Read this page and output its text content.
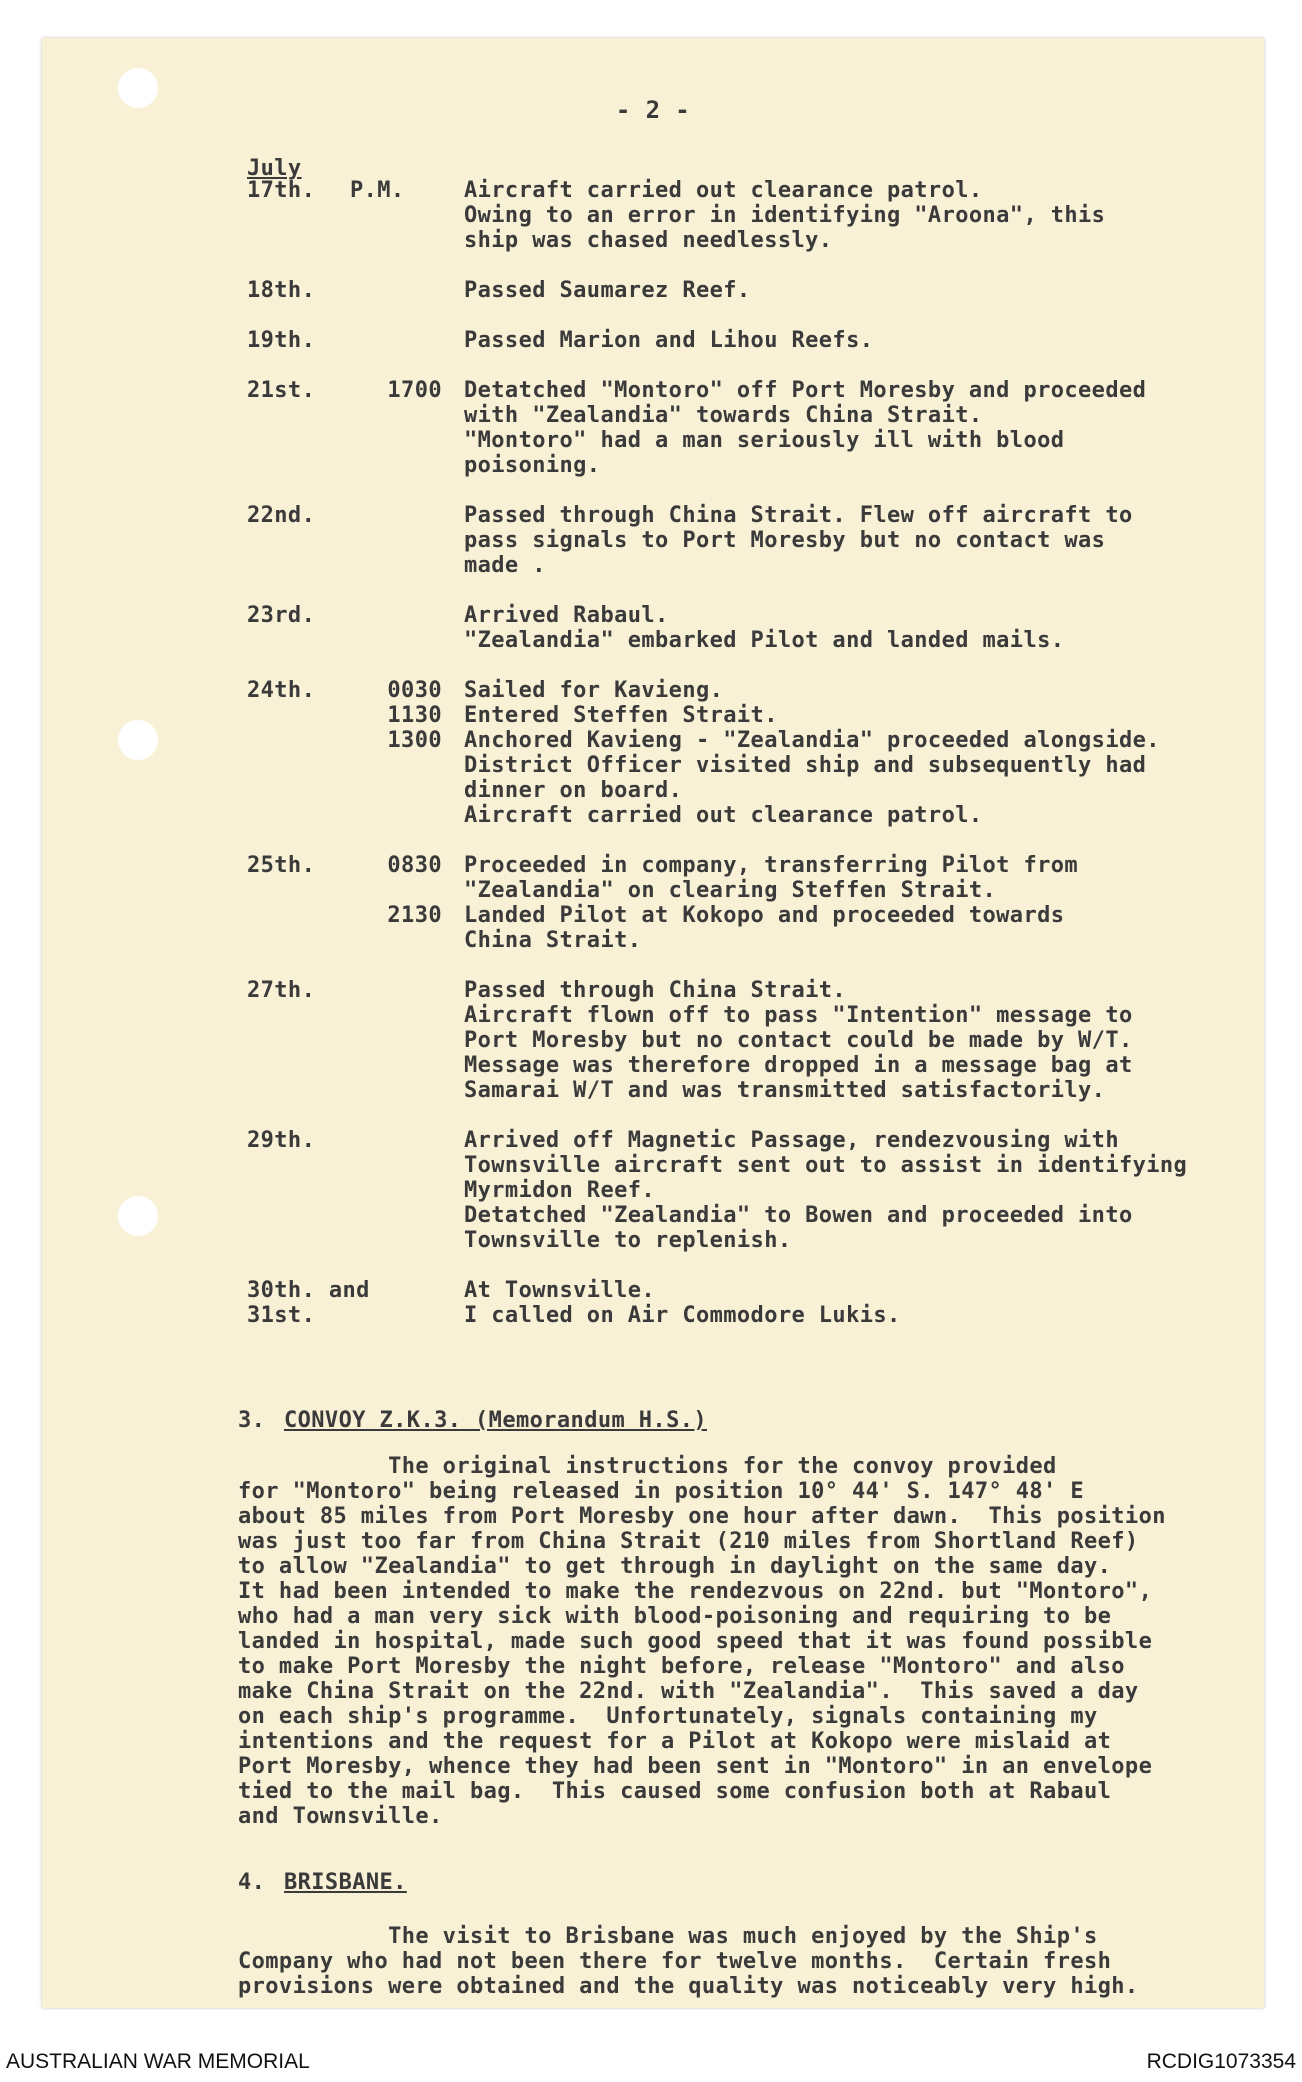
- 2 -
July
17th. P.M.	Aircraft carried out clearance patrol.
Owing to an error in identifying "Aroona", this
ship was chased needlessly.
18th.	Passed Saumarez Reef.
19th.	Passed Marion and Lihou Reefs.
21st.	1700 Detatched "Montoro" off Port Moresby and proceeded
with "Zealandia" towards China Strait.
"Montoro" had a man seriously ill with blood
poisoning.
22nd.	Passed through China Strait. Flew off aircraft to
pass signals to Port Moresby but no contact was
made .
23rd.	Arrived Rabaul.
"Zealandia" embarked Pilot and landed mails.
24th.	0030 Sailed for Kavieng.
1130 Entered Steffen Strait.
1300 Anchored Kavieng - "Zealandia" proceeded alongside.
District Officer visited ship and subsequently had
dinner on board.
Aircraft carried out clearance patrol.
25th.	0830 Proceeded in company, transferring Pilot from
"Zealandia" on clearing Steffen Strait.
2130 Landed Pilot at Kokopo and proceeded towards
China Strait.
27th.	Passed through China Strait.
Aircraft flown off to pass "Intention" message to
Port Moresby but no contact could be made by W/T.
Message was therefore dropped in a message bag at
Samarai W/T and was transmitted satisfactorily.
29th.	Arrived off Magnetic Passage, rendezvousing with
Townsville aircraft sent out to assist in identifying
Myrmidon Reef.
Detatched "Zealandia" to Bowen and proceeded into
Townsville to replenish.
30th. and	At Townsville.
31st.	I called on Air Commodore Lukis.
3. CONVOY Z.K.3. (Memorandum H.S.)
The original instructions for the convoy provided
for "Montoro" being released in position 10° 44' S. 147° 48' E
about 85 miles from Port Moresby one hour after dawn.  This position
was just too far from China Strait (210 miles from Shortland Reef)
to allow "Zealandia" to get through in daylight on the same day.
It had been intended to make the rendezvous on 22nd. but "Montoro",
who had a man very sick with blood-poisoning and requiring to be
landed in hospital, made such good speed that it was found possible
to make Port Moresby the night before, release "Montoro" and also
make China Strait on the 22nd. with "Zealandia".  This saved a day
on each ship's programme.  Unfortunately, signals containing my
intentions and the request for a Pilot at Kokopo were mislaid at
Port Moresby, whence they had been sent in "Montoro" in an envelope
tied to the mail bag.  This caused some confusion both at Rabaul
and Townsville.
4. BRISBANE.
The visit to Brisbane was much enjoyed by the Ship's
Company who had not been there for twelve months.  Certain fresh
provisions were obtained and the quality was noticeably very high.
AUSTRALIAN WAR MEMORIAL	RCDIG1073354
